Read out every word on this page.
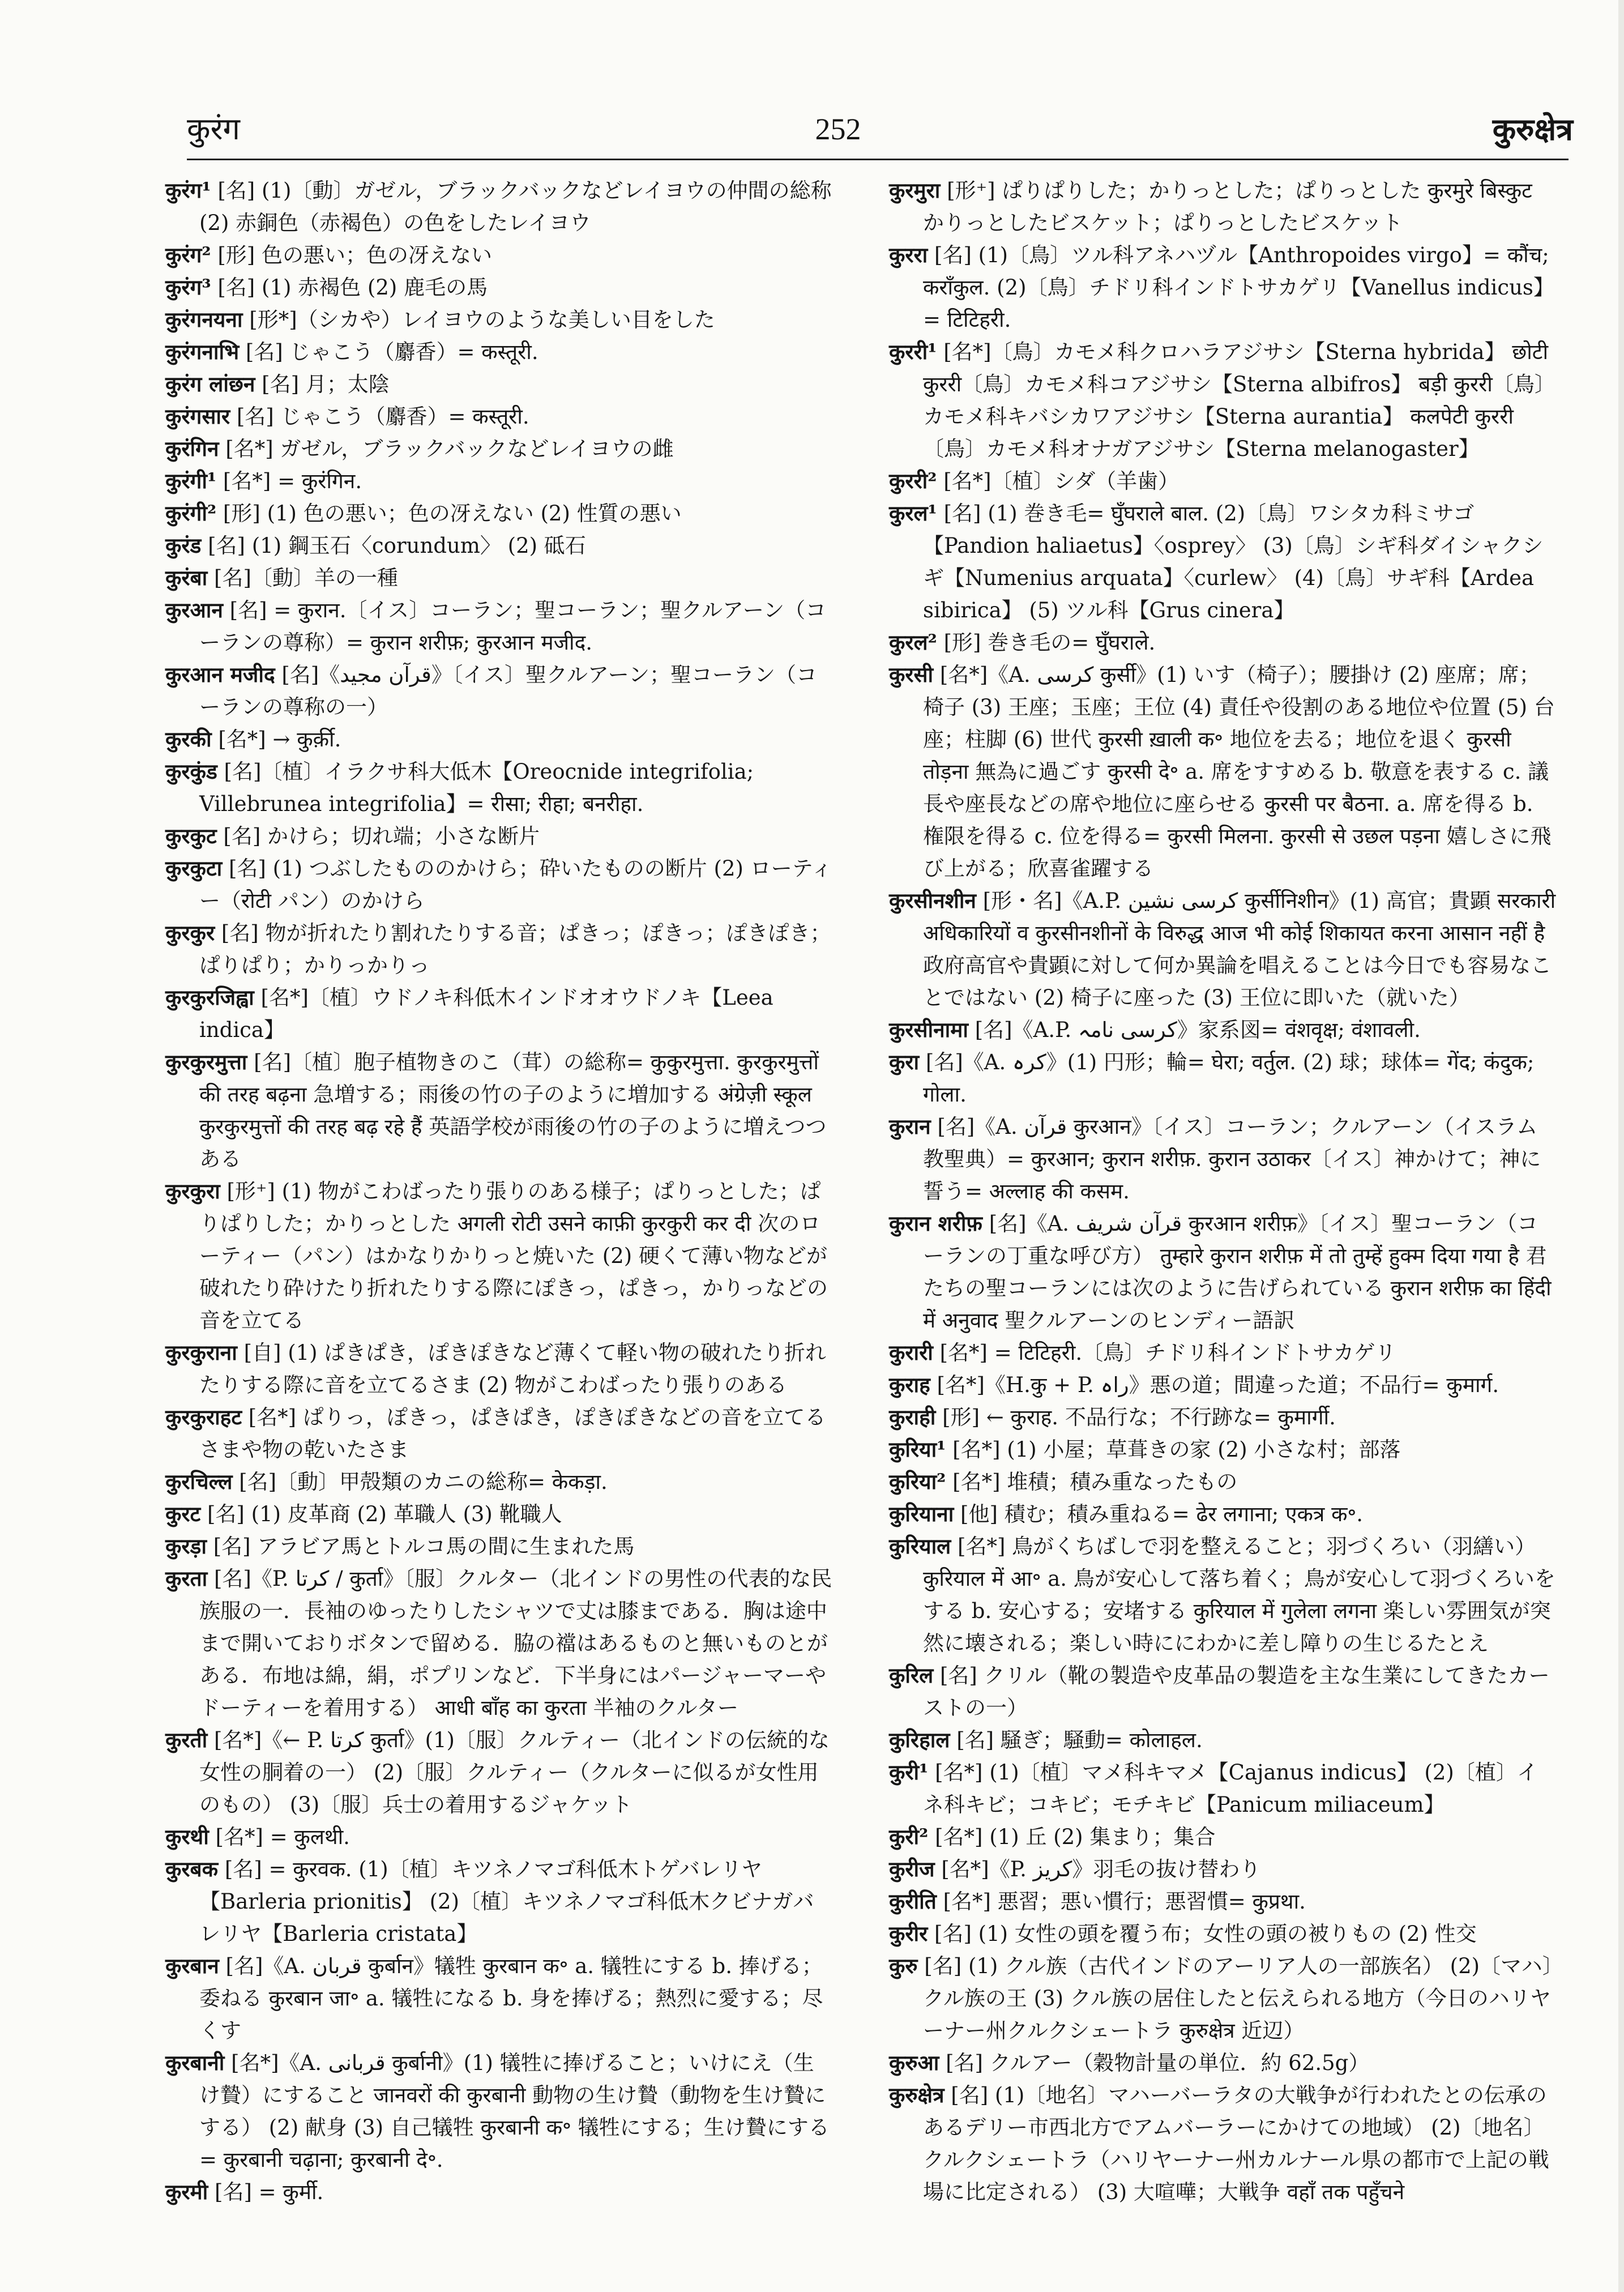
कुरंग	252	कुरुक्षेत्र
कुरंग¹ [名] (1)〔動〕ガゼル，ブラックバックなどレイヨウの仲間の総称 (2) 赤銅色（赤褐色）の色をしたレイヨウ
कुरंग² [形] 色の悪い；色の冴えない
कुरंग³ [名] (1) 赤褐色 (2) 鹿毛の馬
कुरंगनयना [形*]（シカや）レイヨウのような美しい目をした
कुरंगनाभि [名] じゃこう（麝香）= कस्तूरी.
कुरंग लांछन [名] 月；太陰
कुरंगसार [名] じゃこう（麝香）= कस्तूरी.
कुरंगिन [名*] ガゼル，ブラックバックなどレイヨウの雌
कुरंगी¹ [名*] = कुरंगिन.
कुरंगी² [形] (1) 色の悪い；色の冴えない (2) 性質の悪い
कुरंड [名] (1) 鋼玉石〈corundum〉 (2) 砥石
कुरंबा [名]〔動〕羊の一種
कुरआन [名] = कुरान.〔イス〕コーラン；聖コーラン；聖クルアーン（コーランの尊称）= कुरान शरीफ़; कुरआन मजीद.
कुरआन मजीद [名]《قرآن مجید》〔イス〕聖クルアーン；聖コーラン（コーランの尊称の一）
कुरकी [名*] → कुर्क़ी.
कुरकुंड [名]〔植〕イラクサ科大低木【Oreocnide integrifolia; Villebrunea integrifolia】= रीसा; रीहा; बनरीहा.
कुरकुट [名] かけら；切れ端；小さな断片
कुरकुटा [名] (1) つぶしたもののかけら；砕いたものの断片 (2) ローティー（रोटी パン）のかけら
कुरकुर [名] 物が折れたり割れたりする音；ぱきっ；ぽきっ；ぽきぽき；ぱりぱり；かりっかりっ
कुरकुरजिह्वा [名*]〔植〕ウドノキ科低木インドオオウドノキ【Leea indica】
कुरकुरमुत्ता [名]〔植〕胞子植物きのこ（茸）の総称= कुकुरमुत्ता. कुरकुरमुत्तों की तरह बढ़ना 急増する；雨後の竹の子のように増加する अंग्रेज़ी स्कूल कुरकुरमुत्तों की तरह बढ़ रहे हैं 英語学校が雨後の竹の子のように増えつつある
कुरकुरा [形⁺] (1) 物がこわばったり張りのある様子；ぱりっとした；ぱりぱりした；かりっとした अगली रोटी उसने काफ़ी कुरकुरी कर दी 次のローティー（パン）はかなりかりっと焼いた (2) 硬くて薄い物などが破れたり砕けたり折れたりする際にぽきっ，ぱきっ，かりっなどの音を立てる
कुरकुराना [自] (1) ぱきぱき，ぽきぽきなど薄くて軽い物の破れたり折れたりする際に音を立てるさま (2) 物がこわばったり張りのある
कुरकुराहट [名*] ぱりっ，ぽきっ，ぱきぱき，ぽきぽきなどの音を立てるさまや物の乾いたさま
कुरचिल्ल [名]〔動〕甲殻類のカニの総称= केकड़ा.
कुरट [名] (1) 皮革商 (2) 革職人 (3) 靴職人
कुरड़ा [名] アラビア馬とトルコ馬の間に生まれた馬
कुरता [名]《P. کرتا / कुर्ता》〔服〕クルター（北インドの男性の代表的な民族服の一．長袖のゆったりしたシャツで丈は膝まである．胸は途中まで開いておりボタンで留める．脇の襠はあるものと無いものとがある．布地は綿，絹，ポプリンなど．下半身にはパージャーマーやドーティーを着用する） आधी बाँह का कुरता 半袖のクルター
कुरती [名*]《← P. کرتا कुर्ता》(1)〔服〕クルティー（北インドの伝統的な女性の胴着の一） (2)〔服〕クルティー（クルターに似るが女性用のもの） (3)〔服〕兵士の着用するジャケット
कुरथी [名*] = कुलथी.
कुरबक [名] = कुरवक. (1)〔植〕キツネノマゴ科低木トゲバレリヤ【Barleria prionitis】 (2)〔植〕キツネノマゴ科低木クビナガバレリヤ【Barleria cristata】
कुरबान [名]《A. قربان कुर्बान》犠牲 कुरबान क॰ a. 犠牲にする b. 捧げる；委ねる कुरबान जा॰ a. 犠牲になる b. 身を捧げる；熱烈に愛する；尽くす
कुरबानी [名*]《A. قربانی कुर्बानी》(1) 犠牲に捧げること；いけにえ（生け贄）にすること जानवरों की कुरबानी 動物の生け贄（動物を生け贄にする） (2) 献身 (3) 自己犠牲 कुरबानी क॰ 犠牲にする；生け贄にする= कुरबानी चढ़ाना; कुरबानी दे॰.
कुरमी [名] = कुर्मी.
कुरमुरा [形⁺] ぱりぱりした；かりっとした；ぱりっとした कुरमुरे बिस्कुट かりっとしたビスケット；ぱりっとしたビスケット
कुररा [名] (1)〔鳥〕ツル科アネハヅル【Anthropoides virgo】= कौंच; कराँकुल. (2)〔鳥〕チドリ科インドトサカゲリ【Vanellus indicus】= टिटिहरी.
कुररी¹ [名*]〔鳥〕カモメ科クロハラアジサシ【Sterna hybrida】 छोटी कुररी〔鳥〕カモメ科コアジサシ【Sterna albifros】 बड़ी कुररी〔鳥〕カモメ科キバシカワアジサシ【Sterna aurantia】 कलपेटी कुररी〔鳥〕カモメ科オナガアジサシ【Sterna melanogaster】
कुररी² [名*]〔植〕シダ（羊歯）
कुरल¹ [名] (1) 巻き毛= घुँघराले बाल. (2)〔鳥〕ワシタカ科ミサゴ【Pandion haliaetus】〈osprey〉 (3)〔鳥〕シギ科ダイシャクシギ【Numenius arquata】〈curlew〉 (4)〔鳥〕サギ科【Ardea sibirica】 (5) ツル科【Grus cinera】
कुरल² [形] 巻き毛の= घुँघराले.
कुरसी [名*]《A. کرسی कुर्सी》(1) いす（椅子）；腰掛け (2) 座席；席；椅子 (3) 王座；玉座；王位 (4) 責任や役割のある地位や位置 (5) 台座；柱脚 (6) 世代 कुरसी ख़ाली क॰ 地位を去る；地位を退く कुरसी तोड़ना 無為に過ごす कुरसी दे॰ a. 席をすすめる b. 敬意を表する c. 議長や座長などの席や地位に座らせる कुरसी पर बैठना. a. 席を得る b. 権限を得る c. 位を得る= कुरसी मिलना. कुरसी से उछल पड़ना 嬉しさに飛び上がる；欣喜雀躍する
कुरसीनशीन [形・名]《A.P. کرسی نشین कुर्सीनिशीन》(1) 高官；貴顕 सरकारी अधिकारियों व कुरसीनशीनों के विरुद्ध आज भी कोई शिकायत करना आसान नहीं है 政府高官や貴顕に対して何か異論を唱えることは今日でも容易なことではない (2) 椅子に座った (3) 王位に即いた（就いた）
कुरसीनामा [名]《A.P. کرسی نامہ》家系図= वंशवृक्ष; वंशावली.
कुरा [名]《A. کرہ》(1) 円形；輪= घेरा; वर्तुल. (2) 球；球体= गेंद; कंदुक; गोला.
कुरान [名]《A. قرآن कुरआन》〔イス〕コーラン；クルアーン（イスラム教聖典）= कुरआन; कुरान शरीफ़. कुरान उठाकर〔イス〕神かけて；神に誓う= अल्लाह की कसम.
कुरान शरीफ़ [名]《A. قرآن شریف कुरआन शरीफ़》〔イス〕聖コーラン（コーランの丁重な呼び方） तुम्हारे कुरान शरीफ़ में तो तुम्हें हुक्म दिया गया है 君たちの聖コーランには次のように告げられている कुरान शरीफ़ का हिंदी में अनुवाद 聖クルアーンのヒンディー語訳
कुरारी [名*] = टिटिहरी.〔鳥〕チドリ科インドトサカゲリ
कुराह [名*]《H.कु + P. راہ》悪の道；間違った道；不品行= कुमार्ग.
कुराही [形] ← कुराह. 不品行な；不行跡な= कुमार्गी.
कुरिया¹ [名*] (1) 小屋；草葺きの家 (2) 小さな村；部落
कुरिया² [名*] 堆積；積み重なったもの
कुरियाना [他] 積む；積み重ねる= ढेर लगाना; एकत्र क॰.
कुरियाल [名*] 鳥がくちばしで羽を整えること；羽づくろい（羽繕い） कुरियाल में आ॰ a. 鳥が安心して落ち着く；鳥が安心して羽づくろいをする b. 安心する；安堵する कुरियाल में गुलेला लगना 楽しい雰囲気が突然に壊される；楽しい時ににわかに差し障りの生じるたとえ
कुरिल [名] クリル（靴の製造や皮革品の製造を主な生業にしてきたカーストの一）
कुरिहाल [名] 騒ぎ；騒動= कोलाहल.
कुरी¹ [名*] (1)〔植〕マメ科キマメ【Cajanus indicus】 (2)〔植〕イネ科キビ；コキビ；モチキビ【Panicum miliaceum】
कुरी² [名*] (1) 丘 (2) 集まり；集合
कुरीज [名*]《P. کریز》羽毛の抜け替わり
कुरीति [名*] 悪習；悪い慣行；悪習慣= कुप्रथा.
कुरीर [名] (1) 女性の頭を覆う布；女性の頭の被りもの (2) 性交
कुरु [名] (1) クル族（古代インドのアーリア人の一部族名） (2)〔マハ〕クル族の王 (3) クル族の居住したと伝えられる地方（今日のハリヤーナー州クルクシェートラ कुरुक्षेत्र 近辺）
कुरुआ [名] クルアー（穀物計量の単位．約 62.5g）
कुरुक्षेत्र [名] (1)〔地名〕マハーバーラタの大戦争が行われたとの伝承のあるデリー市西北方でアムバーラーにかけての地域） (2)〔地名〕クルクシェートラ（ハリヤーナー州カルナール県の都市で上記の戦場に比定される） (3) 大喧嘩；大戦争 वहाँ तक पहुँचने
